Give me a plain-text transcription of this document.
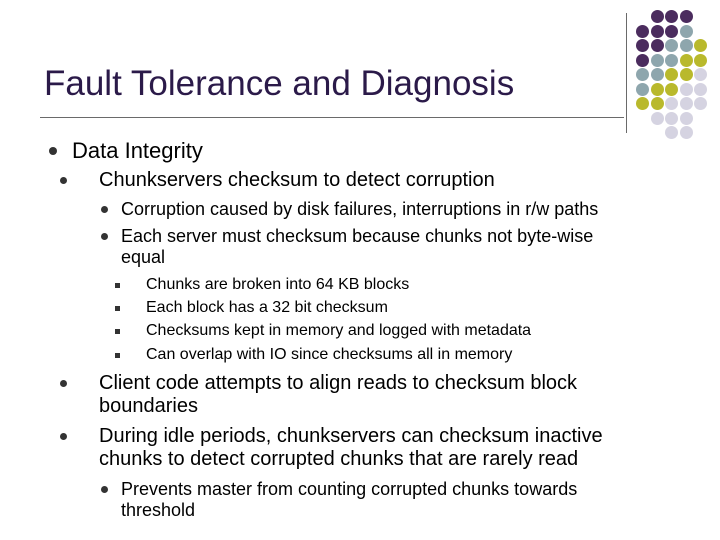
Fault Tolerance and Diagnosis
Data Integrity
Chunkservers checksum to detect corruption
Corruption caused by disk failures, interruptions in r/w paths
Each server must checksum because chunks not byte-wise
equal
Chunks are broken into 64 KB blocks
Each block has a 32 bit checksum
Checksums kept in memory and logged with metadata
Can overlap with IO since checksums all in memory
Client code attempts to align reads to checksum block
boundaries
During idle periods, chunkservers can checksum inactive
chunks to detect corrupted chunks that are rarely read
Prevents master from counting corrupted chunks towards
threshold
